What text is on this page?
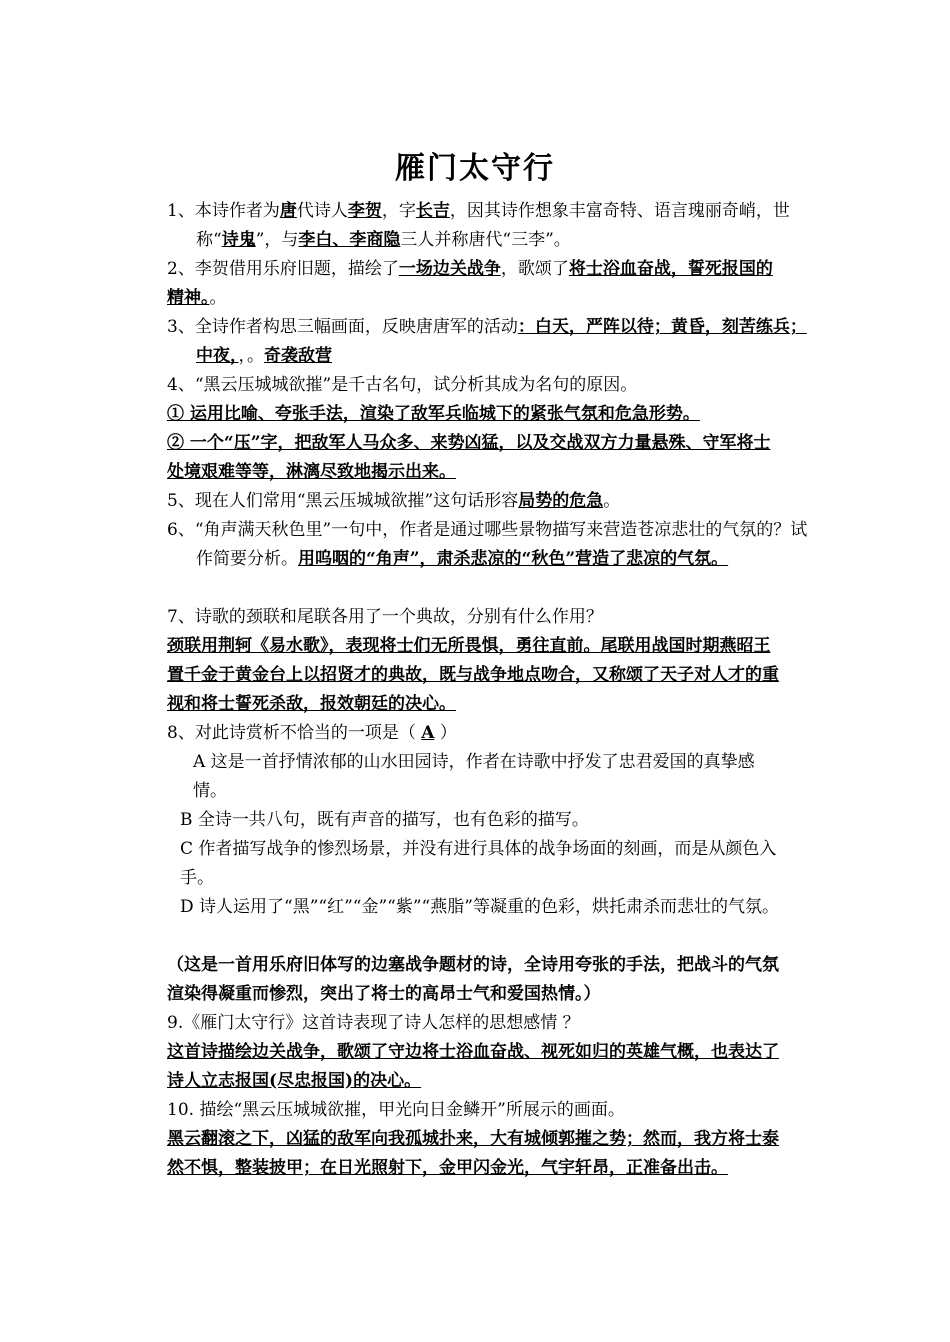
雁门太守行

1、本诗作者为唐代诗人李贺，字长吉，因其诗作想象丰富奇特、语言瑰丽奇峭，世称“诗鬼”，与李白、李商隐三人并称唐代“三李”。

2、李贺借用乐府旧题，描绘了一场边关战争，歌颂了将士浴血奋战，誓死报国的精神。。

3、全诗作者构思三幅画面，反映唐唐军的活动：白天，严阵以待；黄昏，刻苦练兵；中夜，，。奇袭敌营

4、“黑云压城城欲摧”是千古名句，试分析其成为名句的原因。

① 运用比喻、夸张手法，渲染了敌军兵临城下的紧张气氛和危急形势。

② 一个“压”字，把敌军人马众多、来势凶猛，以及交战双方力量悬殊、守军将士处境艰难等等，淋漓尽致地揭示出来。

5、现在人们常用“黑云压城城欲摧”这句话形容局势的危急。

6、“角声满天秋色里”一句中，作者是通过哪些景物描写来营造苍凉悲壮的气氛的？试作简要分析。用呜咽的“角声”，肃杀悲凉的“秋色”营造了悲凉的气氛。

7、诗歌的颈联和尾联各用了一个典故，分别有什么作用？

颈联用荆轲《易水歌》，表现将士们无所畏惧，勇往直前。尾联用战国时期燕昭王置千金于黄金台上以招贤才的典故，既与战争地点吻合，又称颂了天子对人才的重视和将士誓死杀敌，报效朝廷的决心。

8、对此诗赏析不恰当的一项是（ A ）

A 这是一首抒情浓郁的山水田园诗，作者在诗歌中抒发了忠君爱国的真挚感情。

B 全诗一共八句，既有声音的描写，也有色彩的描写。

C 作者描写战争的惨烈场景，并没有进行具体的战争场面的刻画，而是从颜色入手。

D 诗人运用了“黑”“红”“金”“紫”“燕脂”等凝重的色彩，烘托肃杀而悲壮的气氛。

（这是一首用乐府旧体写的边塞战争题材的诗，全诗用夸张的手法，把战斗的气氛渲染得凝重而惨烈，突出了将士的高昂士气和爱国热情。）

9.《雁门太守行》这首诗表现了诗人怎样的思想感情 ？

这首诗描绘边关战争，歌颂了守边将士浴血奋战、视死如归的英雄气概，也表达了诗人立志报国(尽忠报国)的决心。

10. 描绘“黑云压城城欲摧，甲光向日金鳞开”所展示的画面。

黑云翻滚之下，凶猛的敌军向我孤城扑来，大有城倾郭摧之势；然而，我方将士泰然不惧，整装披甲；在日光照射下，金甲闪金光，气宇轩昂，正准备出击。
